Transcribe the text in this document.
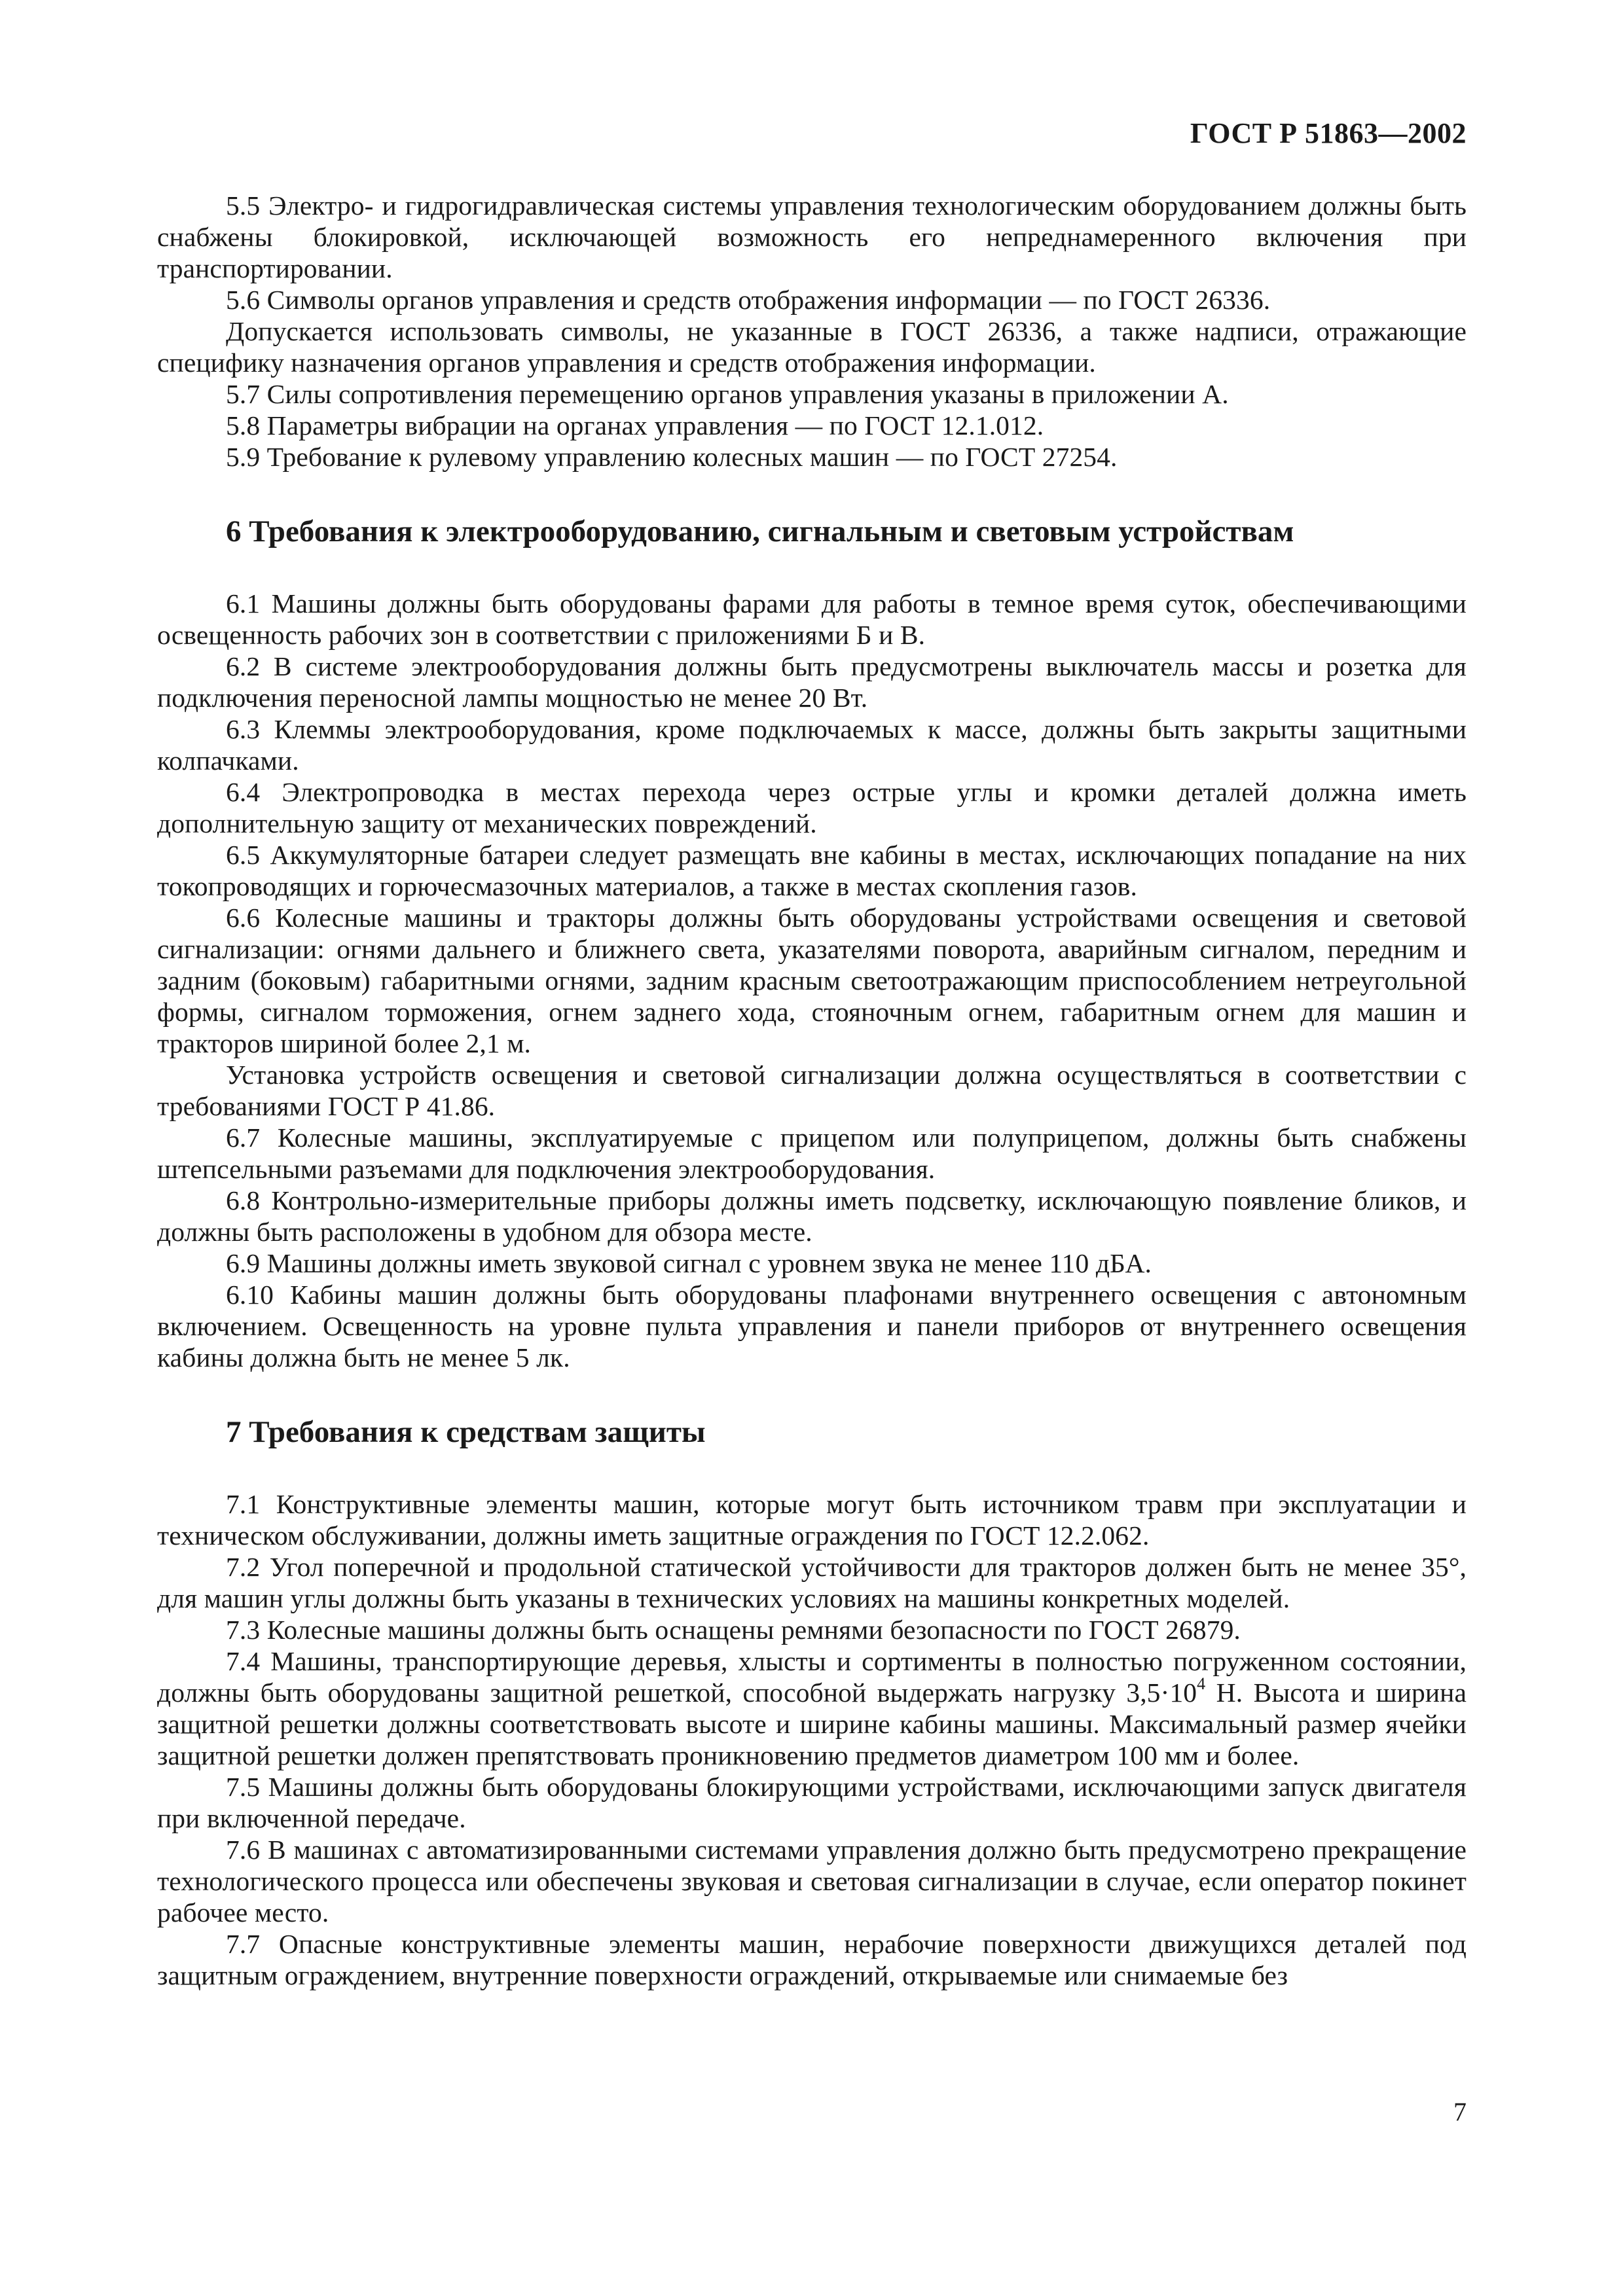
ГОСТ Р 51863—2002

5.5 Электро- и гидрогидравлическая системы управления технологическим оборудованием должны быть снабжены блокировкой, исключающей возможность его непреднамеренного включения при транспортировании.

5.6 Символы органов управления и средств отображения информации — по ГОСТ 26336.

Допускается использовать символы, не указанные в ГОСТ 26336, а также надписи, отражающие специфику назначения органов управления и средств отображения информации.

5.7 Силы сопротивления перемещению органов управления указаны в приложении А.

5.8 Параметры вибрации на органах управления — по ГОСТ 12.1.012.

5.9 Требование к рулевому управлению колесных машин — по ГОСТ 27254.

6 Требования к электрооборудованию, сигнальным и световым устройствам

6.1 Машины должны быть оборудованы фарами для работы в темное время суток, обеспечивающими освещенность рабочих зон в соответствии с приложениями Б и В.

6.2 В системе электрооборудования должны быть предусмотрены выключатель массы и розетка для подключения переносной лампы мощностью не менее 20 Вт.

6.3 Клеммы электрооборудования, кроме подключаемых к массе, должны быть закрыты защитными колпачками.

6.4 Электропроводка в местах перехода через острые углы и кромки деталей должна иметь дополнительную защиту от механических повреждений.

6.5 Аккумуляторные батареи следует размещать вне кабины в местах, исключающих попадание на них токопроводящих и горючесмазочных материалов, а также в местах скопления газов.

6.6 Колесные машины и тракторы должны быть оборудованы устройствами освещения и световой сигнализации: огнями дальнего и ближнего света, указателями поворота, аварийным сигналом, передним и задним (боковым) габаритными огнями, задним красным светоотражающим приспособлением нетреугольной формы, сигналом торможения, огнем заднего хода, стояночным огнем, габаритным огнем для машин и тракторов шириной более 2,1 м.

Установка устройств освещения и световой сигнализации должна осуществляться в соответствии с требованиями ГОСТ Р 41.86.

6.7 Колесные машины, эксплуатируемые с прицепом или полуприцепом, должны быть снабжены штепсельными разъемами для подключения электрооборудования.

6.8 Контрольно-измерительные приборы должны иметь подсветку, исключающую появление бликов, и должны быть расположены в удобном для обзора месте.

6.9 Машины должны иметь звуковой сигнал с уровнем звука не менее 110 дБА.

6.10 Кабины машин должны быть оборудованы плафонами внутреннего освещения с автономным включением. Освещенность на уровне пульта управления и панели приборов от внутреннего освещения кабины должна быть не менее 5 лк.

7 Требования к средствам защиты

7.1 Конструктивные элементы машин, которые могут быть источником травм при эксплуатации и техническом обслуживании, должны иметь защитные ограждения по ГОСТ 12.2.062.

7.2 Угол поперечной и продольной статической устойчивости для тракторов должен быть не менее 35°, для машин углы должны быть указаны в технических условиях на машины конкретных моделей.

7.3 Колесные машины должны быть оснащены ремнями безопасности по ГОСТ 26879.

7.4 Машины, транспортирующие деревья, хлысты и сортименты в полностью погруженном состоянии, должны быть оборудованы защитной решеткой, способной выдержать нагрузку $3,5\cdot 10^4$ Н. Высота и ширина защитной решетки должны соответствовать высоте и ширине кабины машины. Максимальный размер ячейки защитной решетки должен препятствовать проникновению предметов диаметром 100 мм и более.

7.5 Машины должны быть оборудованы блокирующими устройствами, исключающими запуск двигателя при включенной передаче.

7.6 В машинах с автоматизированными системами управления должно быть предусмотрено прекращение технологического процесса или обеспечены звуковая и световая сигнализации в случае, если оператор покинет рабочее место.

7.7 Опасные конструктивные элементы машин, нерабочие поверхности движущихся деталей под защитным ограждением, внутренние поверхности ограждений, открываемые или снимаемые без

7
